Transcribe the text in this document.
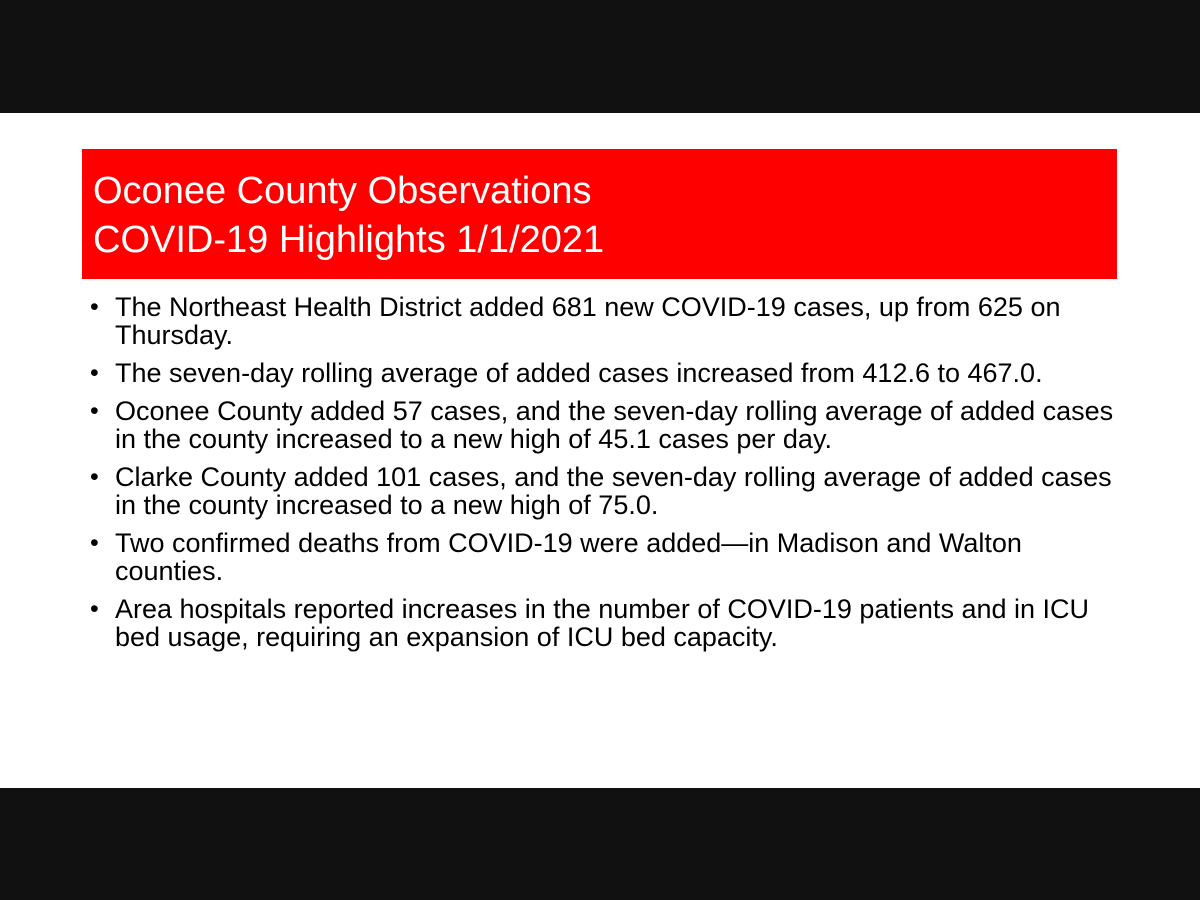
Oconee County Observations
COVID-19 Highlights 1/1/2021
• The Northeast Health District added 681 new COVID-19 cases, up from 625 on Thursday.
• The seven-day rolling average of added cases increased from 412.6 to 467.0.
• Oconee County added 57 cases, and the seven-day rolling average of added cases in the county increased to a new high of 45.1 cases per day.
• Clarke County added 101 cases, and the seven-day rolling average of added cases in the county increased to a new high of 75.0.
• Two confirmed deaths from COVID-19 were added—in Madison and Walton counties.
• Area hospitals reported increases in the number of COVID-19 patients and in ICU bed usage, requiring an expansion of ICU bed capacity.
